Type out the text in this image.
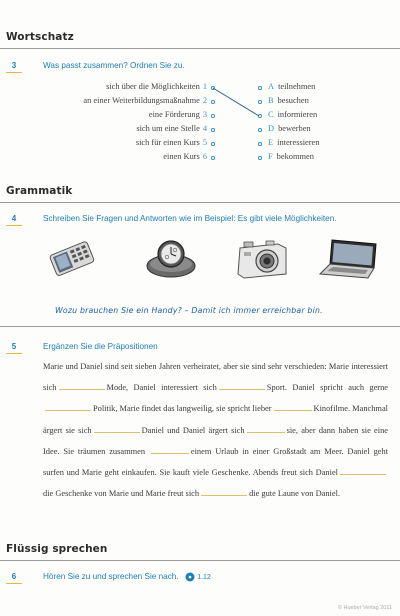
Wortschatz
3	Was passt zusammen? Ordnen Sie zu.
sich über die Möglichkeiten 1
an einer Weiterbildungsmaßnahme 2
eine Förderung 3
sich um eine Stelle 4
sich für einen Kurs 5
einen Kurs 6
A teilnehmen
B besuchen
C informieren
D bewerben
E interessieren
F bekommen
Grammatik
4	Schreiben Sie Fragen und Antworten wie im Beispiel: Es gibt viele Möglichkeiten.
Wozu brauchen Sie ein Handy? – Damit ich immer erreichbar bin.
5	Ergänzen Sie die Präpositionen
Marie und Daniel sind seit sieben Jahren verheiratet, aber sie sind sehr verschieden: Marie interessiert sich	Mode, Daniel interessiert sich	Sport. Daniel spricht auch gernePolitik, Marie findet das langweilig, sie spricht lieber	Kinofilme. Manchmal ärgert sie sich	Daniel und Daniel ärgert sich	sie, aber dann haben sie eine Idee. Sie träumen zusammen	einem Urlaub in einer Großstadt am Meer. Daniel geht surfen und Marie geht einkaufen. Sie kauft viele Geschenke. Abends freut sich Danieldie Geschenke von Marie und Marie freut sich	die gute Laune von Daniel.
Flüssig sprechen
6	Hören Sie zu und sprechen Sie nach.	1.12
© Hueber Verlag 2011
